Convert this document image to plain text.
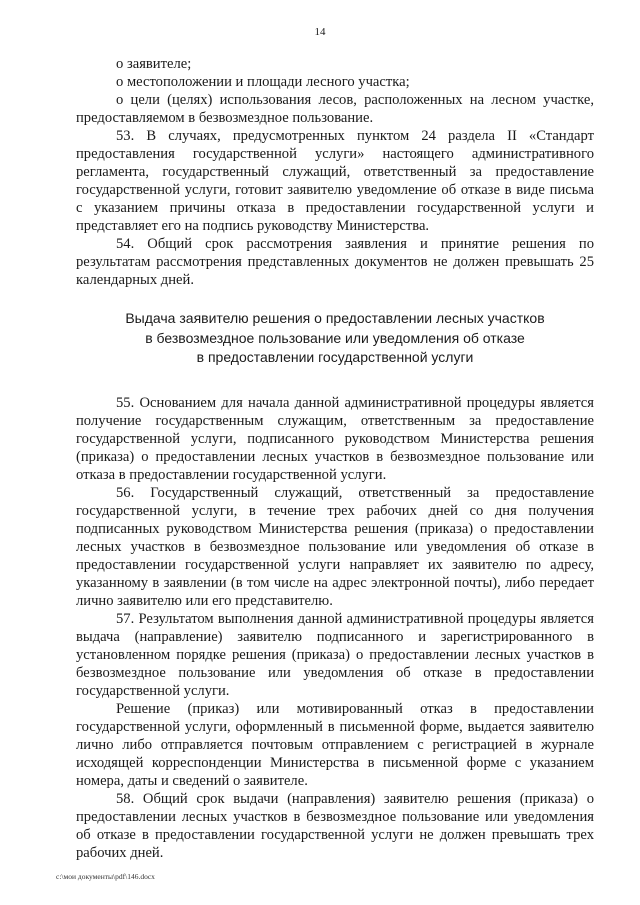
14

о заявителе;

о местоположении и площади лесного участка;

о цели (целях) использования лесов, расположенных на лесном участке, предоставляемом в безвозмездное пользование.

53. В случаях, предусмотренных пунктом 24 раздела II «Стандарт предоставления государственной услуги» настоящего административного регламента, государственный служащий, ответственный за предоставление государственной услуги, готовит заявителю уведомление об отказе в виде письма с указанием причины отказа в предоставлении государственной услуги и представляет его на подпись руководству Министерства.

54. Общий срок рассмотрения заявления и принятие решения по результатам рассмотрения представленных документов не должен превышать 25 календарных дней.

Выдача заявителю решения о предоставлении лесных участков
в безвозмездное пользование или уведомления об отказе
в предоставлении государственной услуги

55. Основанием для начала данной административной процедуры является получение государственным служащим, ответственным за предоставление государственной услуги, подписанного руководством Министерства решения (приказа) о предоставлении лесных участков в безвозмездное пользование или отказа в предоставлении государственной услуги.

56. Государственный служащий, ответственный за предоставление государственной услуги, в течение трех рабочих дней со дня получения подписанных руководством Министерства решения (приказа) о предоставлении лесных участков в безвозмездное пользование или уведомления об отказе в предоставлении государственной услуги направляет их заявителю по адресу, указанному в заявлении (в том числе на адрес электронной почты), либо передает лично заявителю или его представителю.

57. Результатом выполнения данной административной процедуры является выдача (направление) заявителю подписанного и зарегистрированного в установленном порядке решения (приказа) о предоставлении лесных участков в безвозмездное пользование или уведомления об отказе в предоставлении государственной услуги.

Решение (приказ) или мотивированный отказ в предоставлении государственной услуги, оформленный в письменной форме, выдается заявителю лично либо отправляется почтовым отправлением с регистрацией в журнале исходящей корреспонденции Министерства в письменной форме с указанием номера, даты и сведений о заявителе.

58. Общий срок выдачи (направления) заявителю решения (приказа) о предоставлении лесных участков в безвозмездное пользование или уведомления об отказе в предоставлении государственной услуги не должен превышать трех рабочих дней.

c:\мои документы\pdf\146.docx
